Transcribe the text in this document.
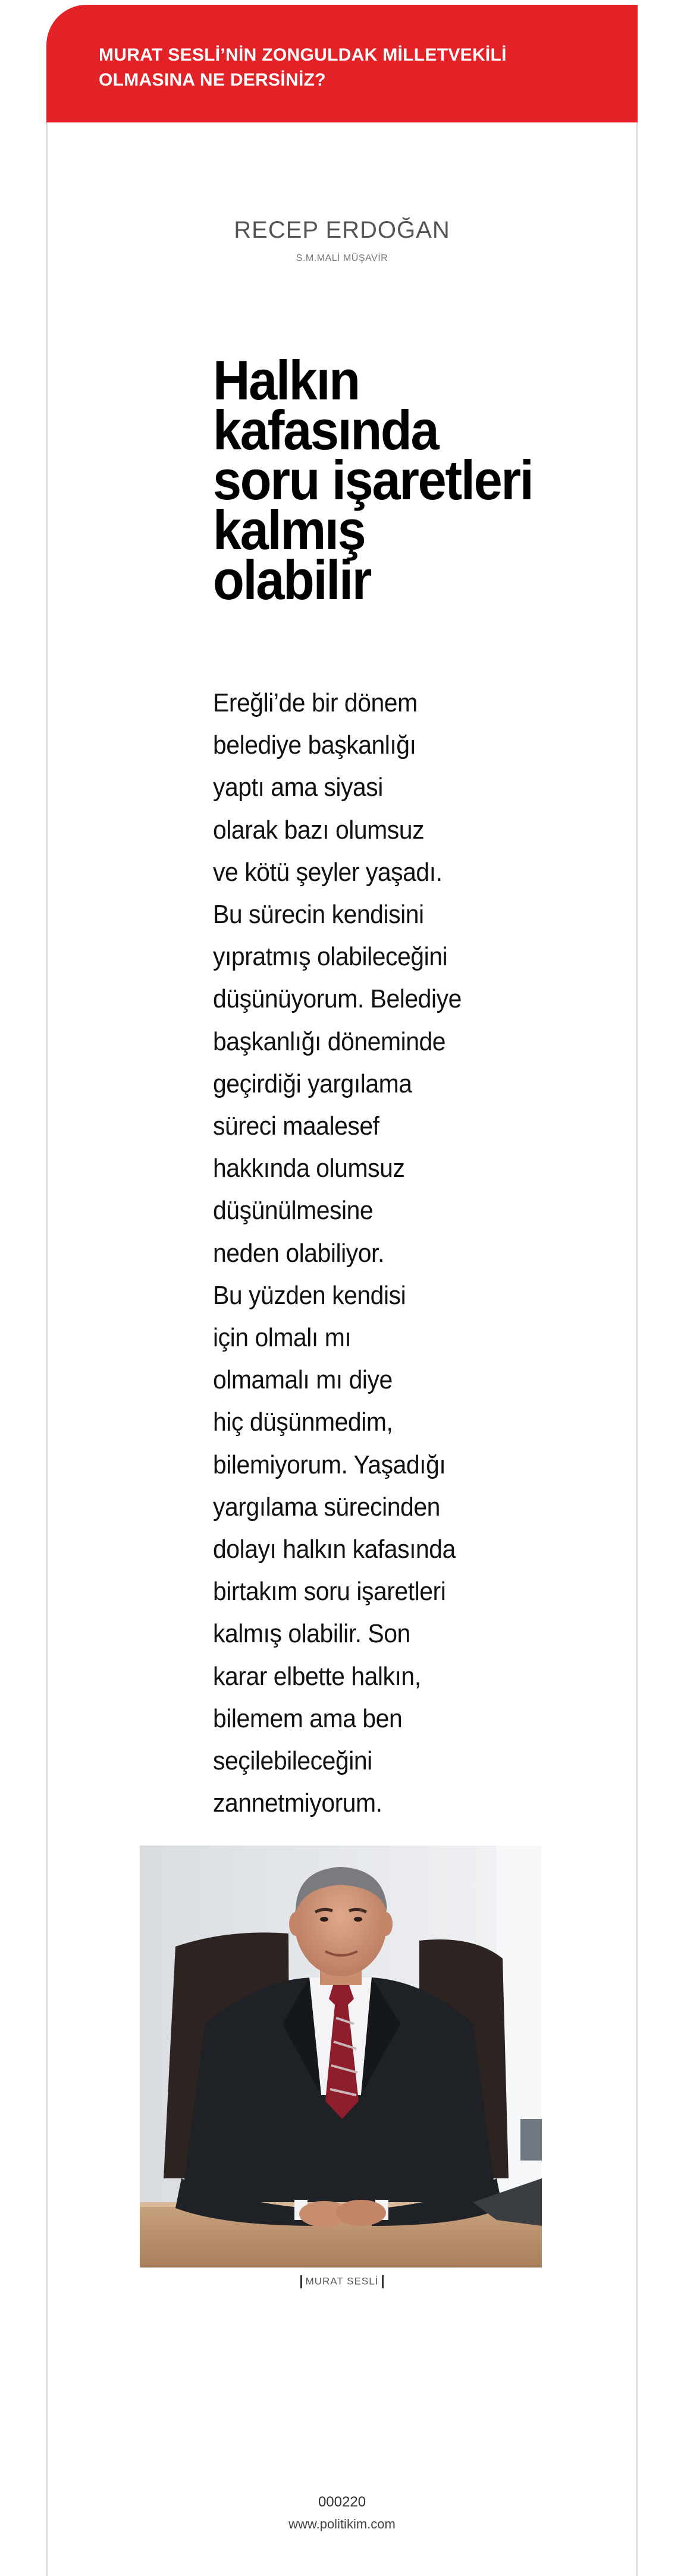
MURAT SESLİ’NİN ZONGULDAK MİLLETVEKİLİ
OLMASINA NE DERSİNİZ?

RECEP ERDOĞAN
S.M.MALİ MÜŞAVİR
Halkın
kafasında
soru işaretleri
kalmış
olabilir
Ereğli’de bir dönem
belediye başkanlığı
yaptı ama siyasi
olarak bazı olumsuz
ve kötü şeyler yaşadı.
Bu sürecin kendisini
yıpratmış olabileceğini
düşünüyorum. Belediye
başkanlığı döneminde
geçirdiği yargılama
süreci maalesef
hakkında olumsuz
düşünülmesine
neden olabiliyor.
Bu yüzden kendisi
için olmalı mı
olmamalı mı diye
hiç düşünmedim,
bilemiyorum. Yaşadığı
yargılama sürecinden
dolayı halkın kafasında
birtakım soru işaretleri
kalmış olabilir. Son
karar elbette halkın,
bilemem ama ben
seçilebileceğini
zannetmiyorum.
MURAT SESLİ
000220
www.politikim.com
